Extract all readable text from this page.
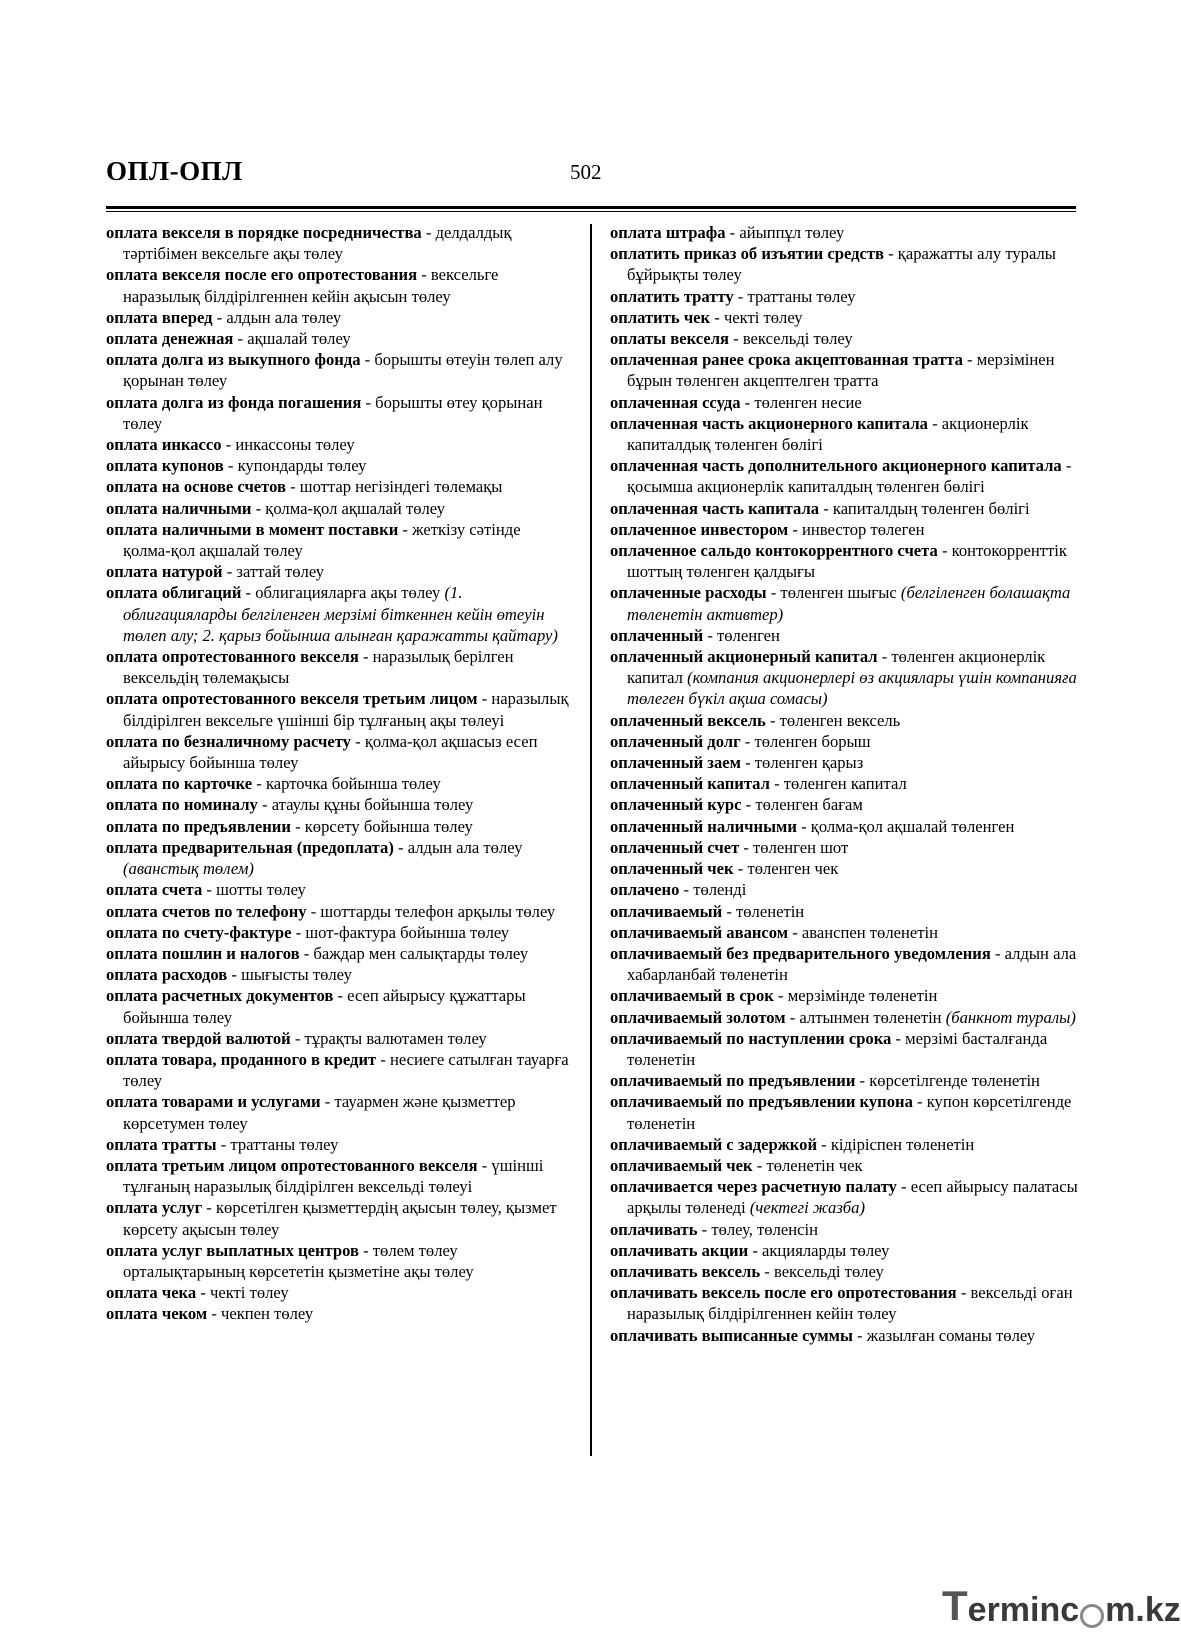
ОПЛ-ОПЛ	502
оплата векселя в порядке посредничества - делдалдық тәртібімен вексельге ақы төлеу
оплата векселя после его опротестования - вексельге наразылық білдірілгеннен кейін ақысын төлеу
оплата вперед - алдын ала төлеу
оплата денежная - ақшалай төлеу
оплата долга из выкупного фонда - борышты өтеуін төлеп алу қорынан төлеу
оплата долга из фонда погашения - борышты өтеу қорынан төлеу
оплата инкассо - инкассоны төлеу
оплата купонов - купондарды төлеу
оплата на основе счетов - шоттар негізіндегі төлемақы
оплата наличными - қолма-қол ақшалай төлеу
оплата наличными в момент поставки - жеткізу сәтінде қолма-қол ақшалай төлеу
оплата натурой - заттай төлеу
оплата облигаций - облигацияларға ақы төлеу (1. облигацияларды белгіленген мерзімі біткеннен кейін өтеуін төлеп алу; 2. қарыз бойынша алынған қаражатты қайтару)
оплата опротестованного векселя - наразылық берілген вексельдің төлемақысы
оплата опротестованного векселя третьим лицом - наразылық білдірілген вексельге үшінші бір тұлғаның ақы төлеуі
оплата по безналичному расчету - қолма-қол ақшасыз есеп айырысу бойынша төлеу
оплата по карточке - карточка бойынша төлеу
оплата по номиналу - атаулы құны бойынша төлеу
оплата по предъявлении - көрсету бойынша төлеу
оплата предварительная (предоплата) - алдын ала төлеу (аванстық төлем)
оплата счета - шотты төлеу
оплата счетов по телефону - шоттарды телефон арқылы төлеу
оплата по счету-фактуре - шот-фактура бойынша төлеу
оплата пошлин и налогов - баждар мен салықтарды төлеу
оплата расходов - шығысты төлеу
оплата расчетных документов - есеп айырысу құжаттары бойынша төлеу
оплата твердой валютой - тұрақты валютамен төлеу
оплата товара, проданного в кредит - несиеге сатылған тауарға төлеу
оплата товарами и услугами - тауармен және қызметтер көрсетумен төлеу
оплата тратты - траттаны төлеу
оплата третьим лицом опротестованного векселя - үшінші тұлғаның наразылық білдірілген вексельді төлеуі
оплата услуг - көрсетілген қызметтердің ақысын төлеу, қызмет көрсету ақысын төлеу
оплата услуг выплатных центров - төлем төлеу орталықтарының көрсететін қызметіне ақы төлеу
оплата чека - чекті төлеу
оплата чеком - чекпен төлеу
оплата штрафа - айыппұл төлеу
оплатить приказ об изъятии средств - қаражатты алу туралы бұйрықты төлеу
оплатить тратту - траттаны төлеу
оплатить чек - чекті төлеу
оплаты векселя - вексельді төлеу
оплаченная ранее срока акцептованная тратта - мерзімінен бұрын төленген акцептелген тратта
оплаченная ссуда - төленген несие
оплаченная часть акционерного капитала - акционерлік капиталдық төленген бөлігі
оплаченная часть дополнительного акционерного капитала - қосымша акционерлік капиталдың төленген бөлігі
оплаченная часть капитала - капиталдың төленген бөлігі
оплаченное инвестором - инвестор төлеген
оплаченное сальдо контокоррентного счета - контокорренттік шоттың төленген қалдығы
оплаченные расходы - төленген шығыс (белгіленген болашақта төленетін активтер)
оплаченный - төленген
оплаченный акционерный капитал - төленген акционерлік капитал (компания акционерлері өз акциялары үшін компанияға төлеген бүкіл ақша сомасы)
оплаченный вексель - төленген вексель
оплаченный долг - төленген борыш
оплаченный заем - төленген қарыз
оплаченный капитал - төленген капитал
оплаченный курс - төленген бағам
оплаченный наличными - қолма-қол ақшалай төленген
оплаченный счет - төленген шот
оплаченный чек - төленген чек
оплачено - төленді
оплачиваемый - төленетін
оплачиваемый авансом - аванспен төленетін
оплачиваемый без предварительного уведомления - алдын ала хабарланбай төленетін
оплачиваемый в срок - мерзімінде төленетін
оплачиваемый золотом - алтынмен төленетін (банкнот туралы)
оплачиваемый по наступлении срока - мерзімі басталғанда төленетін
оплачиваемый по предъявлении - көрсетілгенде төленетін
оплачиваемый по предъявлении купона - купон көрсетілгенде төленетін
оплачиваемый с задержкой - кідіріспен төленетін
оплачиваемый чек - төленетін чек
оплачивается через расчетную палату - есеп айырысу палатасы арқылы төленеді (чектегі жазба)
оплачивать - төлеу, төленсін
оплачивать акции - акцияларды төлеу
оплачивать вексель - вексельді төлеу
оплачивать вексель после его опротестования - вексельді оған наразылық білдірілгеннен кейін төлеу
оплачивать выписанные суммы - жазылған соманы төлеу
T ermin c m.kz
